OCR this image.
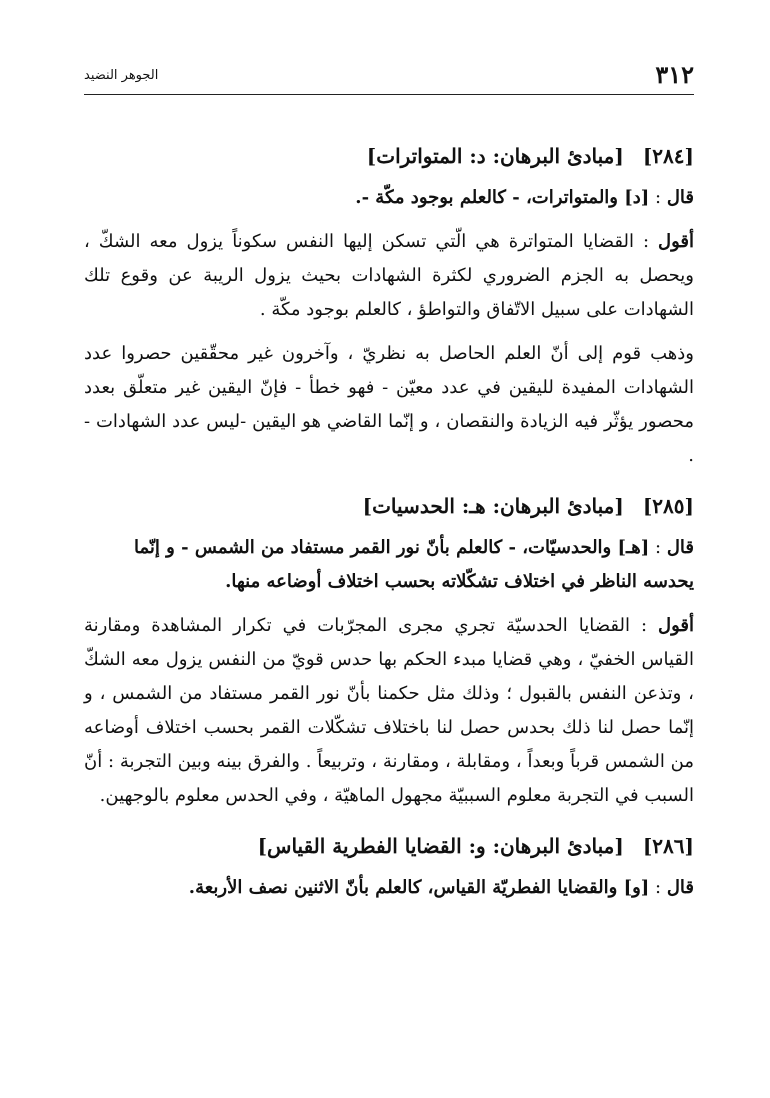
٣١٢
الجوهر النضيد
[٢٨٤] [مبادئ البرهان: د: المتواترات]

قال : [د] والمتواترات، - كالعلم بوجود مكّة -.

أقول : القضايا المتواترة هي الّتي تسكن إليها النفس سكوناً يزول معه الشكّ ، ويحصل به الجزم الضروري لكثرة الشهادات بحيث يزول الريبة عن وقوع تلك الشهادات على سبيل الاتّفاق والتواطؤ ، كالعلم بوجود مكّة .

وذهب قوم إلى أنّ العلم الحاصل به نظريّ ، وآخرون غير محقّقين حصروا عدد الشهادات المفيدة لليقين في عدد معيّن - فهو خطأ - فإنّ اليقين غير متعلّق بعدد محصور يؤثّر فيه الزيادة والنقصان ، و إنّما القاضي هو اليقين -ليس عدد الشهادات - .

[٢٨٥] [مبادئ البرهان: هـ: الحدسيات]

قال : [هـ] والحدسيّات، - كالعلم بأنّ نور القمر مستفاد من الشمس - و إنّما يحدسه الناظر في اختلاف تشكّلاته بحسب اختلاف أوضاعه منها.

أقول : القضايا الحدسيّة تجري مجرى المجرّبات في تكرار المشاهدة ومقارنة القياس الخفيّ ، وهي قضايا مبدء الحكم بها حدس قويّ من النفس يزول معه الشكّ ، وتذعن النفس بالقبول ؛ وذلك مثل حكمنا بأنّ نور القمر مستفاد من الشمس ، و إنّما حصل لنا ذلك بحدس حصل لنا باختلاف تشكّلات القمر بحسب اختلاف أوضاعه من الشمس قرباً وبعداً ، ومقابلة ، ومقارنة ، وتربيعاً . والفرق بينه وبين التجربة : أنّ السبب في التجربة معلوم السببيّة مجهول الماهيّة ، وفي الحدس معلوم بالوجهين.

[٢٨٦] [مبادئ البرهان: و: القضايا الفطرية القياس]

قال : [و] والقضايا الفطريّة القياس، كالعلم بأنّ الاثنين نصف الأربعة.
